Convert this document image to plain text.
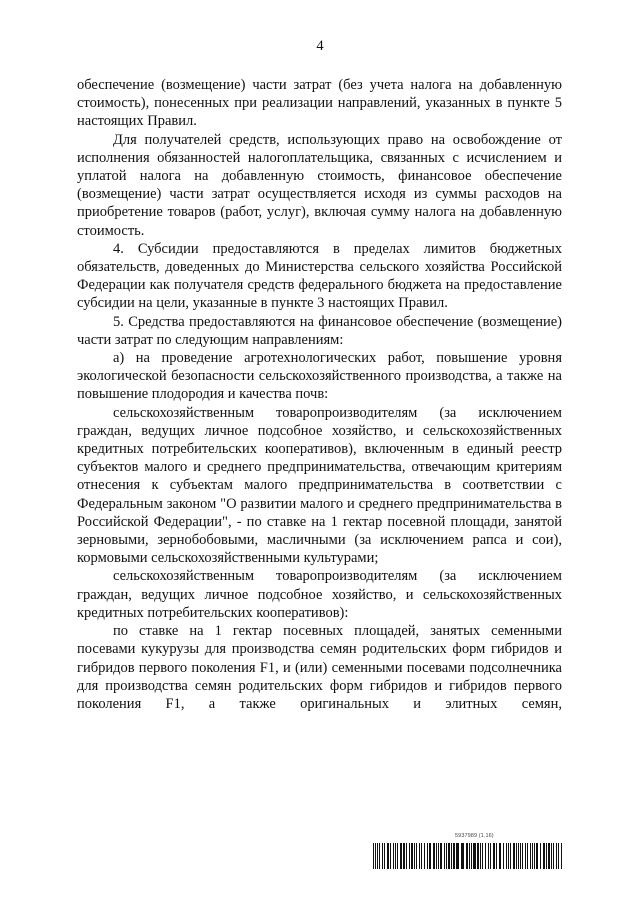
4

обеспечение (возмещение) части затрат (без учета налога на добавленную стоимость), понесенных при реализации направлений, указанных в пункте 5 настоящих Правил.

Для получателей средств, использующих право на освобождение от исполнения обязанностей налогоплательщика, связанных с исчислением и уплатой налога на добавленную стоимость, финансовое обеспечение (возмещение) части затрат осуществляется исходя из суммы расходов на приобретение товаров (работ, услуг), включая сумму налога на добавленную стоимость.

4. Субсидии предоставляются в пределах лимитов бюджетных обязательств, доведенных до Министерства сельского хозяйства Российской Федерации как получателя средств федерального бюджета на предоставление субсидии на цели, указанные в пункте 3 настоящих Правил.

5. Средства предоставляются на финансовое обеспечение (возмещение) части затрат по следующим направлениям:

а) на проведение агротехнологических работ, повышение уровня экологической безопасности сельскохозяйственного производства, а также на повышение плодородия и качества почв:

сельскохозяйственным товаропроизводителям (за исключением граждан, ведущих личное подсобное хозяйство, и сельскохозяйственных кредитных потребительских кооперативов), включенным в единый реестр субъектов малого и среднего предпринимательства, отвечающим критериям отнесения к субъектам малого предпринимательства в соответствии с Федеральным законом "О развитии малого и среднего предпринимательства в Российской Федерации", - по ставке на 1 гектар посевной площади, занятой зерновыми, зернобобовыми, масличными (за исключением рапса и сои), кормовыми сельскохозяйственными культурами;

сельскохозяйственным товаропроизводителям (за исключением граждан, ведущих личное подсобное хозяйство, и сельскохозяйственных кредитных потребительских кооперативов):

по ставке на 1 гектар посевных площадей, занятых семенными посевами кукурузы для производства семян родительских форм гибридов и гибридов первого поколения F1, и (или) семенными посевами подсолнечника для производства семян родительских форм гибридов и гибридов первого поколения F1, а также оригинальных и элитных семян,

5937989 (1.16)
